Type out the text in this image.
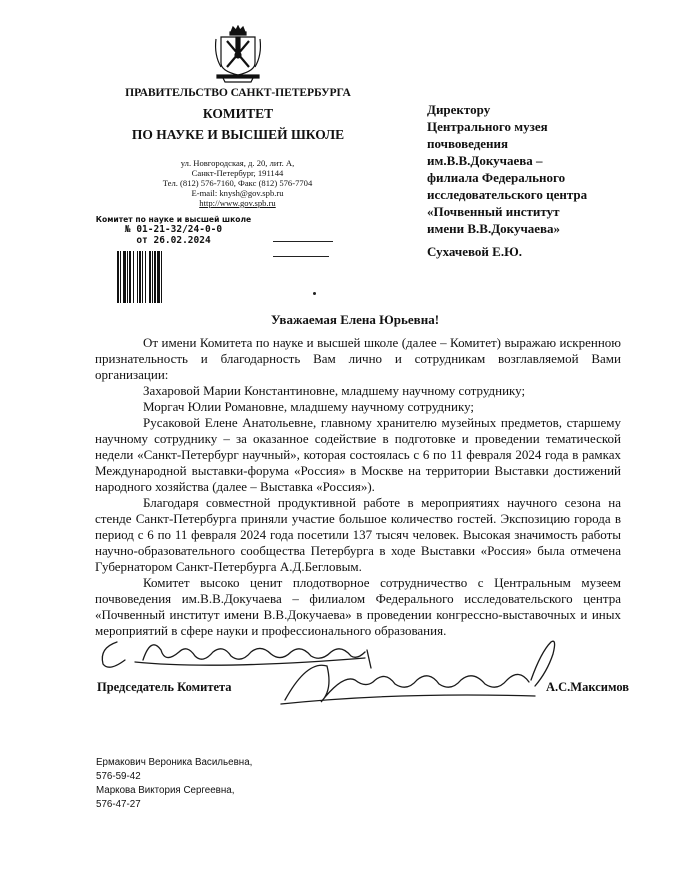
ПРАВИТЕЛЬСТВО САНКТ-ПЕТЕРБУРГА
КОМИТЕТ
ПО НАУКЕ И ВЫСШЕЙ ШКОЛЕ
ул. Новгородская, д. 20, лит. А,
Санкт-Петербург, 191144
Тел. (812) 576-7160, Факс (812) 576-7704
E-mail: knysh@gov.spb.ru
http://www.gov.spb.ru
Комитет по науке и высшей школе
№ 01-21-32/24-0-0
от 26.02.2024
Директору
Центрального музея
почвоведения
им.В.В.Докучаева –
филиала Федерального
исследовательского центра
«Почвенный институт
имени В.В.Докучаева»
Сухачевой Е.Ю.
Уважаемая Елена Юрьевна!

От имени Комитета по науке и высшей школе (далее – Комитет) выражаю искренною признательность и благодарность Вам лично и сотрудникам возглавляемой Вами организации:

Захаровой Марии Константиновне, младшему научному сотруднику;

Моргач Юлии Романовне, младшему научному сотруднику;

Русаковой Елене Анатольевне, главному хранителю музейных предметов, старшему научному сотруднику – за оказанное содействие в подготовке и проведении тематической недели «Санкт-Петербург научный», которая состоялась с 6 по 11 февраля 2024 года в рамках Международной выставки-форума «Россия» в Москве на территории Выставки достижений народного хозяйства (далее – Выставка «Россия»).

Благодаря совместной продуктивной работе в мероприятиях научного сезона на стенде Санкт-Петербурга приняли участие большое количество гостей. Экспозицию города в период с 6 по 11 февраля 2024 года посетили 137 тысяч человек. Высокая значимость работы научно-образовательного сообщества Петербурга в ходе Выставки «Россия» была отмечена Губернатором Санкт-Петербурга А.Д.Бегловым.

Комитет высоко ценит плодотворное сотрудничество с Центральным музеем почвоведения им.В.В.Докучаева – филиалом Федерального исследовательского центра «Почвенный институт имени В.В.Докучаева» в проведении конгрессно-выставочных и иных мероприятий в сфере науки и профессионального образования.

Председатель Комитета	А.С.Максимов
Ермакович Вероника Васильевна,
576-59-42
Маркова Виктория Сергеевна,
576-47-27
